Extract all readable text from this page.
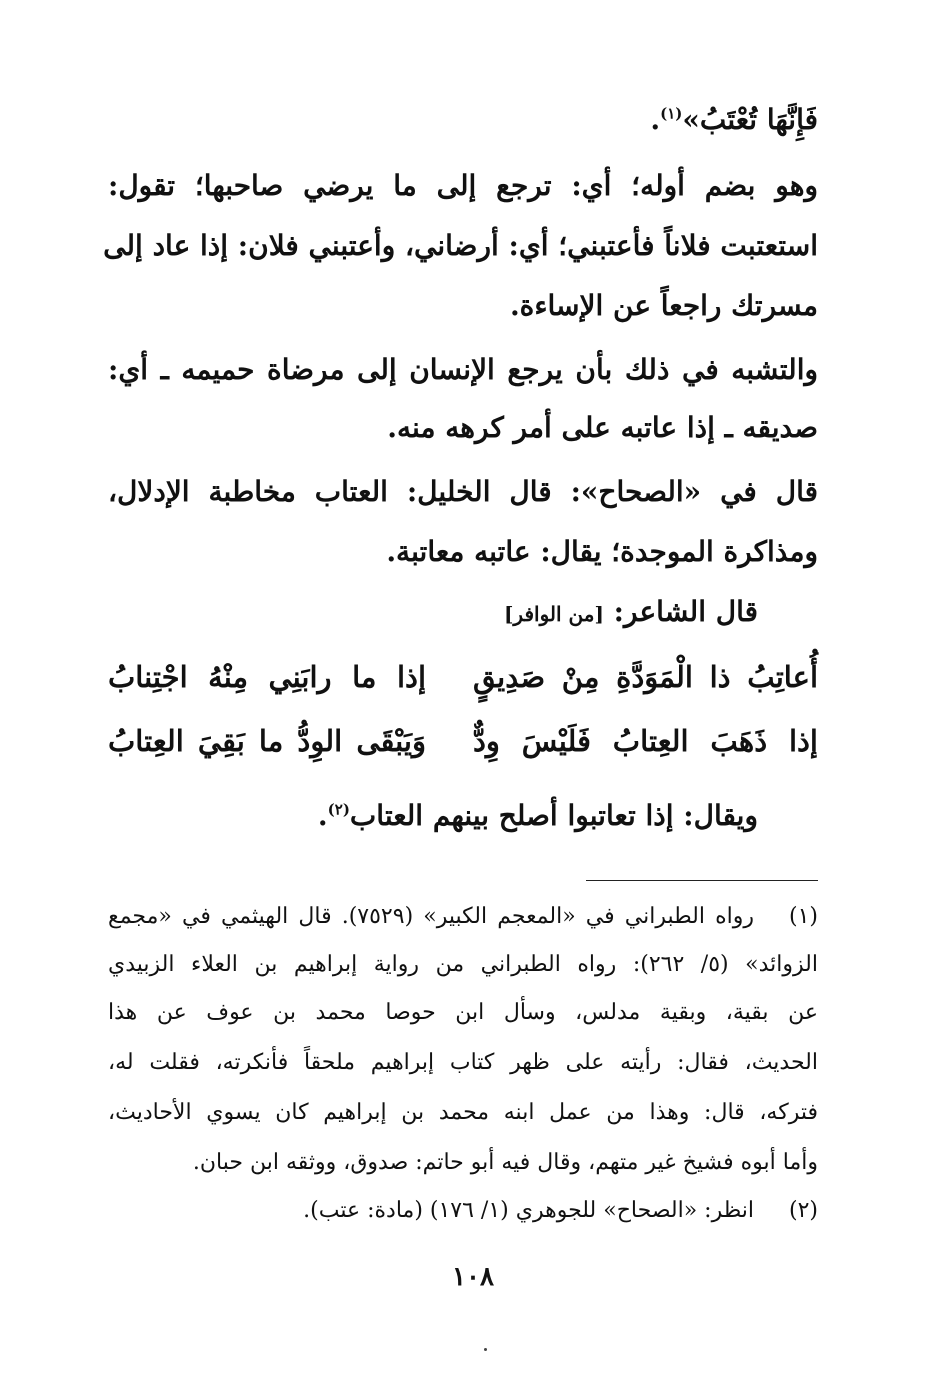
فَإِنَّهَا تُعْتَبُ»$^{(١)}$.
وهو بضم أوله؛ أي: ترجع إلى ما يرضي صاحبها؛ تقول:
استعتبت فلاناً فأعتبني؛ أي: أرضاني، وأعتبني فلان: إذا عاد إلى
مسرتك راجعاً عن الإساءة.
والتشبه في ذلك بأن يرجع الإنسان إلى مرضاة حميمه ـ أي:
صديقه ـ إذا عاتبه على أمر كرهه منه.
قال في «الصحاح»: قال الخليل: العتاب مخاطبة الإدلال،
ومذاكرة الموجدة؛ يقال: عاتبه معاتبة.
قال الشاعر: [من الوافر]
أُعاتِبُ ذا الْمَوَدَّةِ مِنْ صَدِيقٍ
إذا ما رابَنِي مِنْهُ اجْتِنابُ
إذا ذَهَبَ العِتابُ فَلَيْسَ وِدٌّ
وَيَبْقَى الوِدُّ ما بَقِيَ العِتابُ
ويقال: إذا تعاتبوا أصلح بينهم العتاب$^{(٢)}$.
(١)
رواه الطبراني في «المعجم الكبير» (٧٥٢٩). قال الهيثمي في «مجمع
الزوائد» (٥/ ٢٦٢): رواه الطبراني من رواية إبراهيم بن العلاء الزبيدي
عن بقية، وبقية مدلس، وسأل ابن حوصا محمد بن عوف عن هذا
الحديث، فقال: رأيته على ظهر كتاب إبراهيم ملحقاً فأنكرته، فقلت له،
فتركه، قال: وهذا من عمل ابنه محمد بن إبراهيم كان يسوي الأحاديث،
وأما أبوه فشيخ غير متهم، وقال فيه أبو حاتم: صدوق، ووثقه ابن حبان.
(٢)
انظر: «الصحاح» للجوهري (١/ ١٧٦) (مادة: عتب).
١٠٨
